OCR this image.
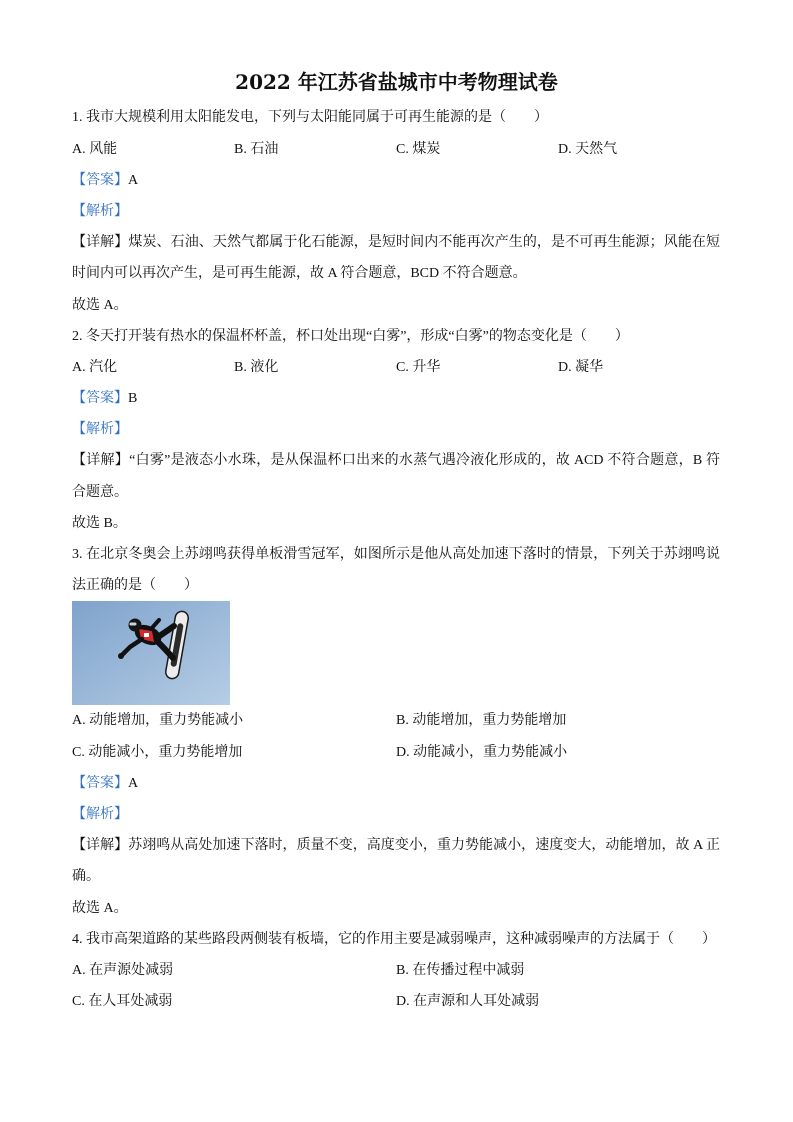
2022 年江苏省盐城市中考物理试卷
1. 我市大规模利用太阳能发电，下列与太阳能同属于可再生能源的是（　　）
A. 风能	B. 石油	C. 煤炭	D. 天然气
【答案】A
【解析】
【详解】煤炭、石油、天然气都属于化石能源，是短时间内不能再次产生的，是不可再生能源；风能在短
时间内可以再次产生，是可再生能源，故 A 符合题意，BCD 不符合题意。
故选 A。
2. 冬天打开装有热水的保温杯杯盖，杯口处出现“白雾”，形成“白雾”的物态变化是（　　）
A. 汽化	B. 液化	C. 升华	D. 凝华
【答案】B
【解析】
【详解】“白雾”是液态小水珠，是从保温杯口出来的水蒸气遇冷液化形成的，故 ACD 不符合题意，B 符
合题意。
故选 B。
3. 在北京冬奥会上苏翊鸣获得单板滑雪冠军，如图所示是他从高处加速下落时的情景，下列关于苏翊鸣说
法正确的是（　　）
A. 动能增加，重力势能减小	B. 动能增加，重力势能增加
C. 动能减小，重力势能增加	D. 动能减小，重力势能减小
【答案】A
【解析】
【详解】苏翊鸣从高处加速下落时，质量不变，高度变小，重力势能减小，速度变大，动能增加，故 A 正
确。
故选 A。
4. 我市高架道路的某些路段两侧装有板墙，它的作用主要是减弱噪声，这种减弱噪声的方法属于（　　）
A. 在声源处减弱	B. 在传播过程中减弱
C. 在人耳处减弱	D. 在声源和人耳处减弱
